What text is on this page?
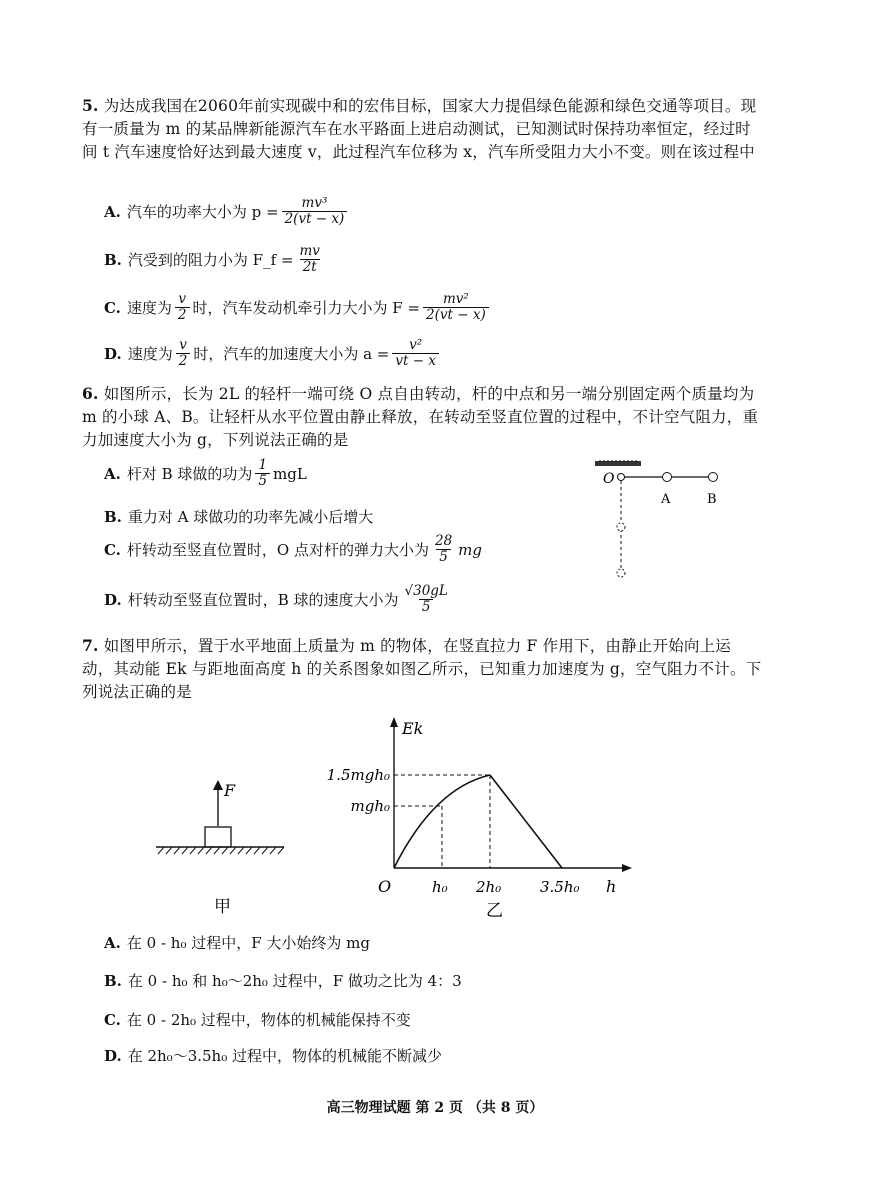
5. 为达成我国在2060年前实现碳中和的宏伟目标，国家大力提倡绿色能源和绿色交通等项目。现有一质量为 m 的某品牌新能源汽车在水平路面上进启动测试，已知测试时保持功率恒定，经过时间 t 汽车速度恰好达到最大速度 v，此过程汽车位移为 x，汽车所受阻力大小不变。则在该过程中
A. 汽车的功率大小为 $p = \frac{\text{mv³}}{2(vt - x)}$
B. 汽受到的阻力小为 F_f = $\frac{mv}{2t}$
C. 速度为 $\frac{v}{2}$ 时，汽车发动机牵引力大小为 $F = \frac{\text{mv²}}{2(vt - x)}$
D. 速度为 $\frac{v}{2}$ 时，汽车的加速度大小为 $a = \frac{\text{v²}}{vt - x}$
6. 如图所示，长为 2L 的轻杆一端可绕 O 点自由转动，杆的中点和另一端分别固定两个质量均为 m 的小球 A、B。让轻杆从水平位置由静止释放，在转动至竖直位置的过程中，不计空气阻力，重力加速度大小为 g，下列说法正确的是
A. 杆对 B 球做的功为 $\frac{1}{5}$ mgL
B. 重力对 A 球做功的功率先减小后增大
C. 杆转动至竖直位置时，O 点对杆的弹力大小为 $\frac{28}{5}$ mg
D. 杆转动至竖直位置时，B 球的速度大小为 $\frac{√30gL}{5}$
O
A	B
7. 如图甲所示，置于水平地面上质量为 m 的物体，在竖直拉力 F 作用下，由静止开始向上运动，其动能 Ek 与距地面高度 h 的关系图象如图乙所示，已知重力加速度为 g，空气阻力不计。下列说法正确的是
F
甲
Ek
h
O	h₀ 2h₀	3.5h₀
mgh₀
1.5mgh₀
乙
A. 在 0 - h₀ 过程中，F 大小始终为 mg
B. 在 0 - h₀ 和 h₀～2h₀ 过程中，F 做功之比为 4：3
C. 在 0 - 2h₀ 过程中，物体的机械能保持不变
D. 在 2h₀～3.5h₀ 过程中，物体的机械能不断减少
高三物理试题 第 2 页 （共 8 页）
